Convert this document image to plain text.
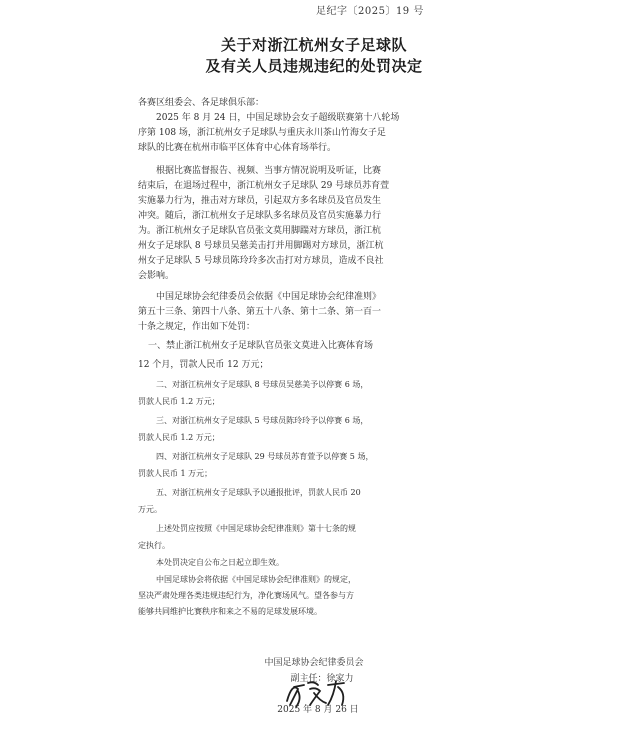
足纪字〔2025〕19 号
关于对浙江杭州女子足球队
及有关人员违规违纪的处罚决定

各赛区组委会、各足球俱乐部：

2025 年 8 月 24 日，中国足球协会女子超级联赛第十八轮场
序第 108 场，浙江杭州女子足球队与重庆永川茶山竹海女子足
球队的比赛在杭州市临平区体育中心体育场举行。

根据比赛监督报告、视频、当事方情况说明及听证，比赛
结束后，在退场过程中，浙江杭州女子足球队 29 号球员苏育萱
实施暴力行为，推击对方球员，引起双方多名球员及官员发生
冲突。随后，浙江杭州女子足球队多名球员及官员实施暴力行
为。浙江杭州女子足球队官员张文莫用脚踹对方球员，浙江杭
州女子足球队 8 号球员吴慈美击打并用脚踢对方球员，浙江杭
州女子足球队 5 号球员陈玲玲多次击打对方球员，造成不良社
会影响。

中国足球协会纪律委员会依据《中国足球协会纪律准则》
第五十三条、第四十八条、第五十八条、第十二条、第一百一
十条之规定，作出如下处罚：

一、禁止浙江杭州女子足球队官员张文莫进入比赛体育场
12 个月，罚款人民币 12 万元；

二、对浙江杭州女子足球队 8 号球员吴慈美予以停赛 6 场，
罚款人民币 1.2 万元；

三、对浙江杭州女子足球队 5 号球员陈玲玲予以停赛 6 场，
罚款人民币 1.2 万元；

四、对浙江杭州女子足球队 29 号球员苏育萱予以停赛 5 场，
罚款人民币 1 万元；

五、对浙江杭州女子足球队予以通报批评，罚款人民币 20
万元。

上述处罚应按照《中国足球协会纪律准则》第十七条的规
定执行。

本处罚决定自公布之日起立即生效。

中国足球协会将依据《中国足球协会纪律准则》的规定，
坚决严肃处理各类违规违纪行为，净化赛场风气。望各参与方
能够共同维护比赛秩序和来之不易的足球发展环境。

中国足球协会纪律委员会
副主任：徐家力
2025 年 8 月 26 日
